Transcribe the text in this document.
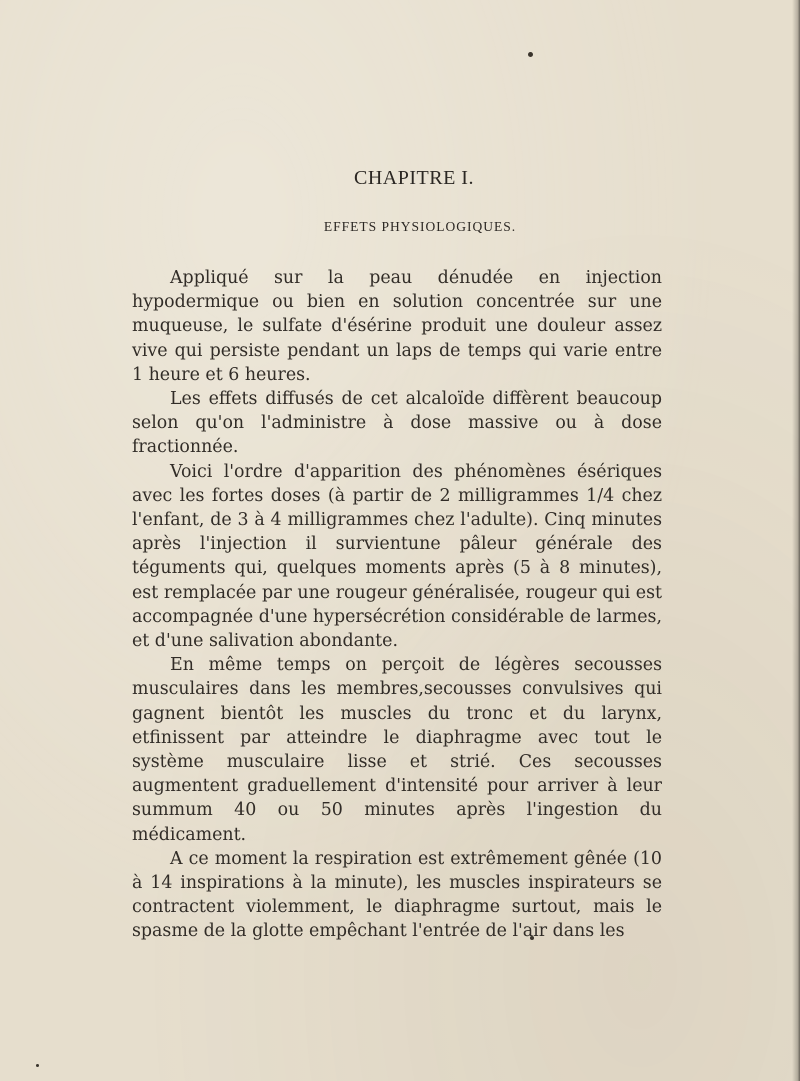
CHAPITRE I.
EFFETS PHYSIOLOGIQUES.

Appliqué sur la peau dénudée en injection hypodermique ou bien en solution concentrée sur une muqueuse, le sulfate d'ésérine produit une douleur assez vive qui persiste pendant un laps de temps qui varie entre 1 heure et 6 heures.

Les effets diffusés de cet alcaloïde diffèrent beaucoup selon qu'on l'administre à dose massive ou à dose fractionnée.

Voici l'ordre d'apparition des phénomènes ésériques avec les fortes doses (à partir de 2 milligrammes 1/4 chez l'enfant, de 3 à 4 milligrammes chez l'adulte). Cinq minutes après l'injection il survientune pâleur générale des téguments qui, quelques moments après (5 à 8 minutes), est remplacée par une rougeur généralisée, rougeur qui est accompagnée d'une hypersécrétion considérable de larmes, et d'une salivation abondante.

En même temps on perçoit de légères secousses musculaires dans les membres,secousses convulsives qui gagnent bientôt les muscles du tronc et du larynx, etfinissent par atteindre le diaphragme avec tout le système musculaire lisse et strié. Ces secousses augmentent graduellement d'intensité pour arriver à leur summum 40 ou 50 minutes après l'ingestion du médicament.

A ce moment la respiration est extrêmement gênée (10 à 14 inspirations à la minute), les muscles inspirateurs se contractent violemment, le diaphragme surtout, mais le spasme de la glotte empêchant l'entrée de l'air dans les
